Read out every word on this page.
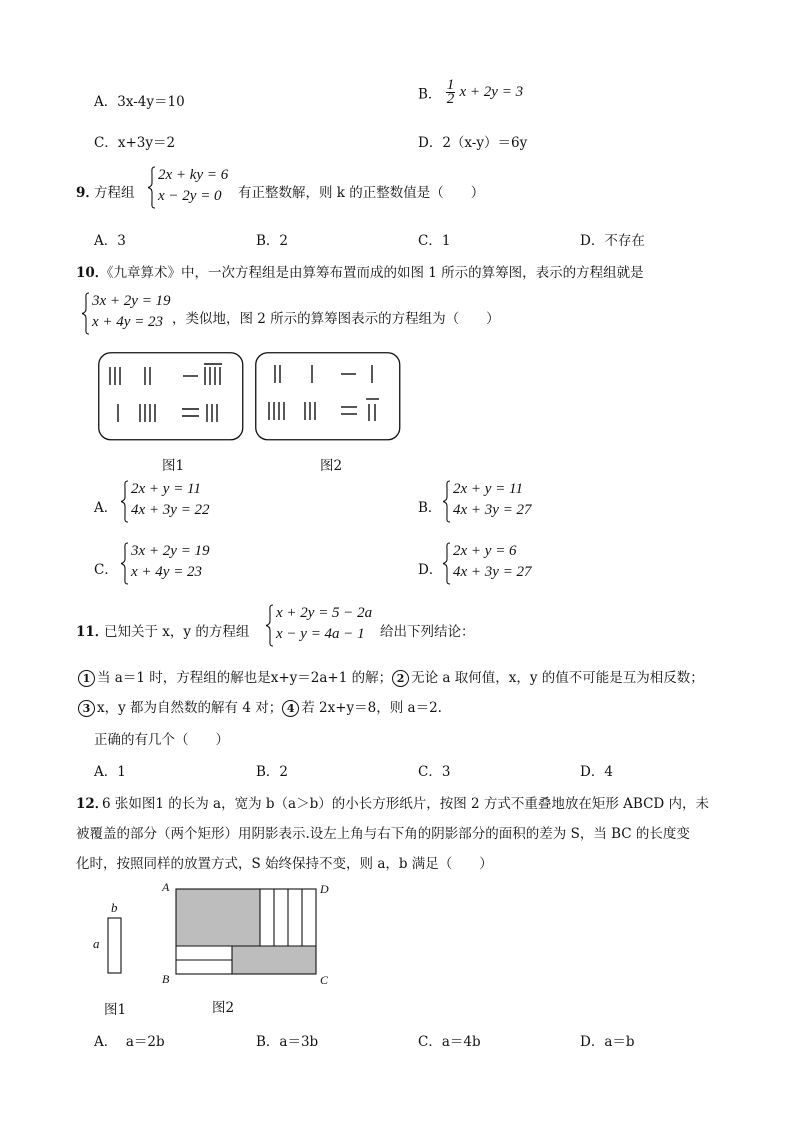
A．3x-4y＝10	B． $\frac{1}{2}$ x + 2y = 3
C．x+3y＝2	D．2（x-y）＝6y
9．
方程组
2x + ky = 6
x − 2y = 0 有正整数解，则 k 的正整数值是（　　）
A．3	B．2	C．1	D．不存在
10．
《九章算术》中，一次方程组是由算筹布置而成的如图 1 所示的算筹图，表示的方程组就是
3x + 2y = 19
x + 4y = 23 ，类似地，图 2 所示的算筹图表示的方程组为（　　）
图1	图2
A．
2x + y = 11
4x + 3y = 22	B．
2x + y = 11
4x + 3y = 27
C．
3x + 2y = 19
x + 4y = 23	D．
2x + y = 6
4x + 3y = 27
11．
已知关于 x，y 的方程组
x + 2y = 5 − 2a
x − y = 4a − 1 给出下列结论：
1 当 a＝1 时，方程组的解也是x+y＝2a+1 的解； 2 无论 a 取何值，x，y 的值不可能是互为相反数；
3 x，y 都为自然数的解有 4 对； 4 若 2x+y＝8，则 a＝2.
正确的有几个（　　）
A．1	B．2	C．3	D．4
12．
6 张如图1 的长为 a，宽为 b（a＞b）的小长方形纸片，按图 2 方式不重叠地放在矩形 ABCD 内，未
被覆盖的部分（两个矩形）用阴影表示.设左上角与右下角的阴影部分的面积的差为 S，当 BC 的长度变
化时，按照同样的放置方式，S 始终保持不变，则 a，b 满足（　　）
b
a
图1
A	D
B	C
图2
A． a＝2b	B．a＝3b	C．a＝4b	D．a＝b
